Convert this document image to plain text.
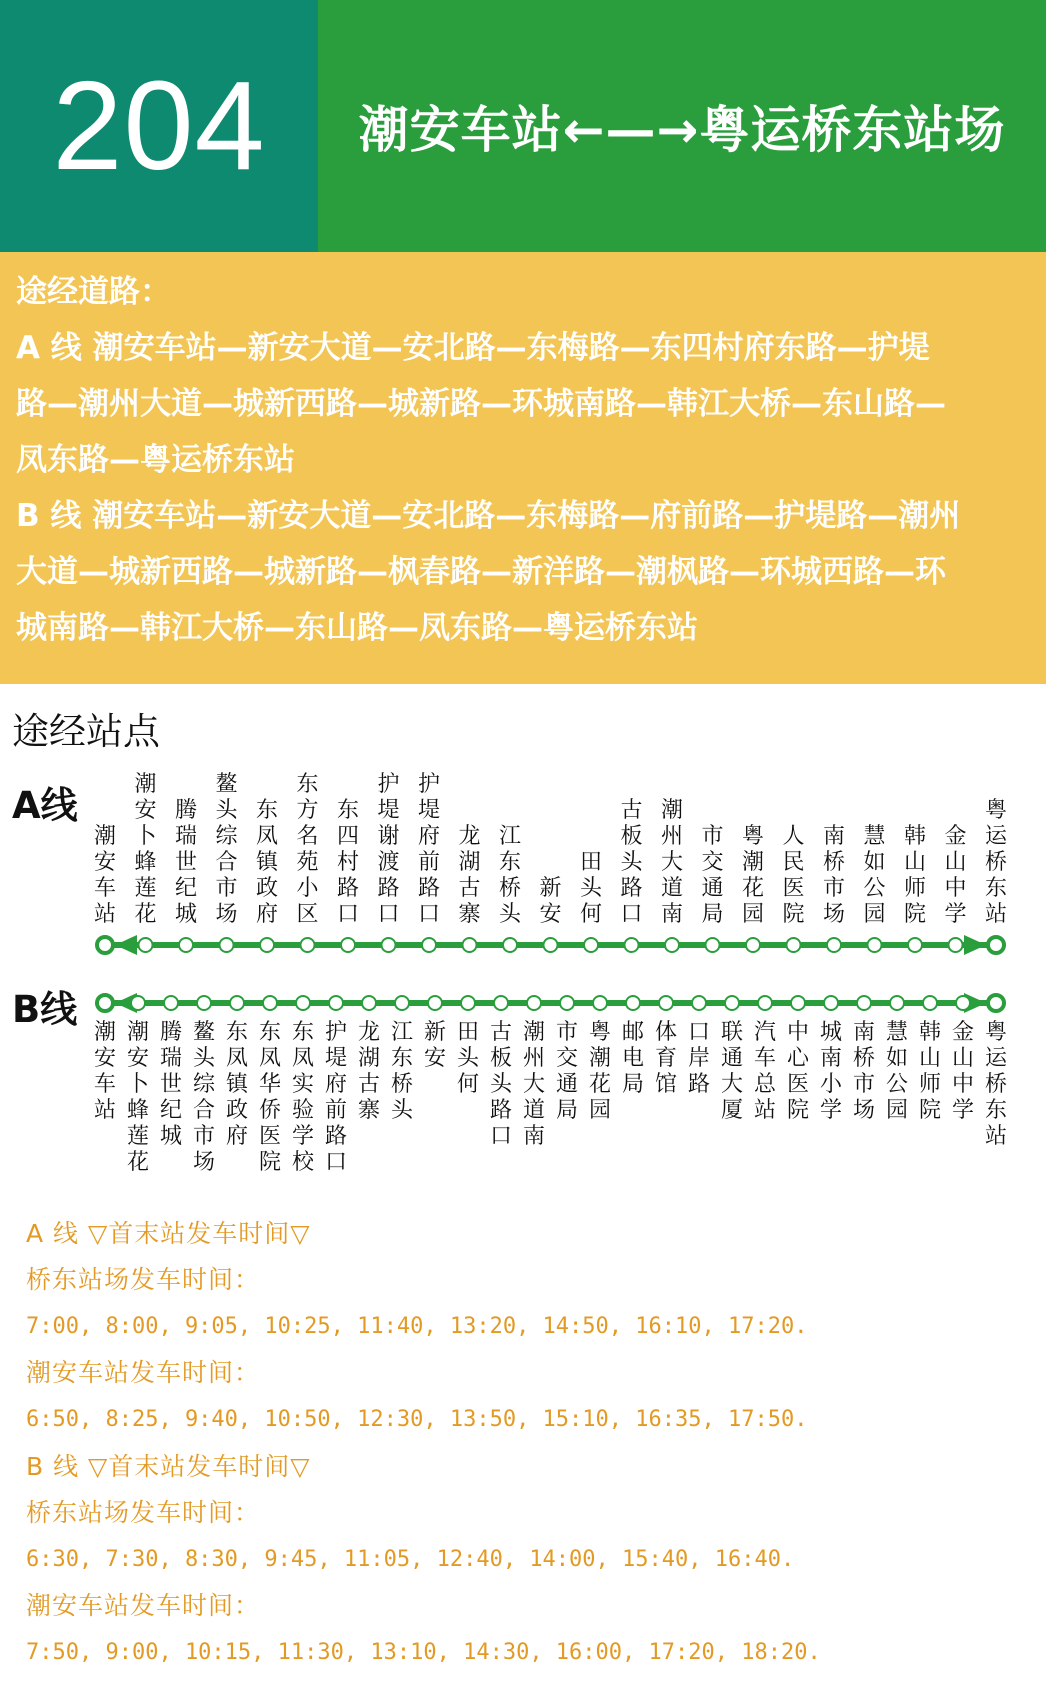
204 潮安车站←—→粤运桥东站场
途经道路：
A 线 潮安车站—新安大道—安北路—东梅路—东四村府东路—护堤
路—潮州大道—城新西路—城新路—环城南路—韩江大桥—东山路—
凤东路—粤运桥东站
B 线 潮安车站—新安大道—安北路—东梅路—府前路—护堤路—潮州
大道—城新西路—城新路—枫春路—新洋路—潮枫路—环城西路—环
城南路—韩江大桥—东山路—凤东路—粤运桥东站
途经站点
A线
潮安车站
潮安卜蜂莲花
腾瑞世纪城
鳌头综合市场
东凤镇政府
东方名苑小区
东四村路口
护堤谢渡路口
护堤府前路口
龙湖古寨
江东桥头
新安
田头何
古板头路口
潮州大道南
市交通局
粤潮花园
人民医院
南桥市场
慧如公园
韩山师院
金山中学
粤运桥东站
B线
潮安车站
潮安卜蜂莲花
腾瑞世纪城
鳌头综合市场
东凤镇政府
东凤华侨医院
东凤实验学校
护堤府前路口
龙湖古寨
江东桥头
新安
田头何
古板头路口
潮州大道南
市交通局
粤潮花园
邮电局
体育馆
口岸路
联通大厦
汽车总站
中心医院
城南小学
南桥市场
慧如公园
韩山师院
金山中学
粤运桥东站
A 线 ▽首末站发车时间▽
桥东站场发车时间：
7:00, 8:00, 9:05, 10:25, 11:40, 13:20, 14:50, 16:10, 17:20.
潮安车站发车时间：
6:50, 8:25, 9:40, 10:50, 12:30, 13:50, 15:10, 16:35, 17:50.
B 线 ▽首末站发车时间▽
桥东站场发车时间：
6:30, 7:30, 8:30, 9:45, 11:05, 12:40, 14:00, 15:40, 16:40.
潮安车站发车时间：
7:50, 9:00, 10:15, 11:30, 13:10, 14:30, 16:00, 17:20, 18:20.
